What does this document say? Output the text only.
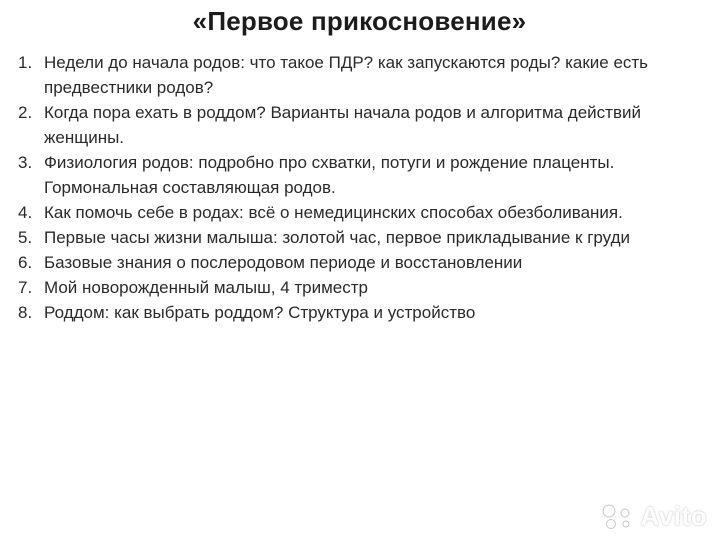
«Первое прикосновение»
1. Недели до начала родов: что такое ПДР? как запускаются роды? какие есть предвестники родов?
2. Когда пора ехать в роддом? Варианты начала родов и алгоритма действий женщины.
3. Физиология родов: подробно про схватки, потуги и рождение плаценты. Гормональная составляющая родов.
4. Как помочь себе в родах: всё о немедицинских способах обезболивания.
5. Первые часы жизни малыша: золотой час, первое прикладывание к груди
6. Базовые знания о послеродовом периоде и восстановлении
7. Мой новорожденный малыш, 4 триместр
8. Роддом: как выбрать роддом? Структура и устройство
Avito
